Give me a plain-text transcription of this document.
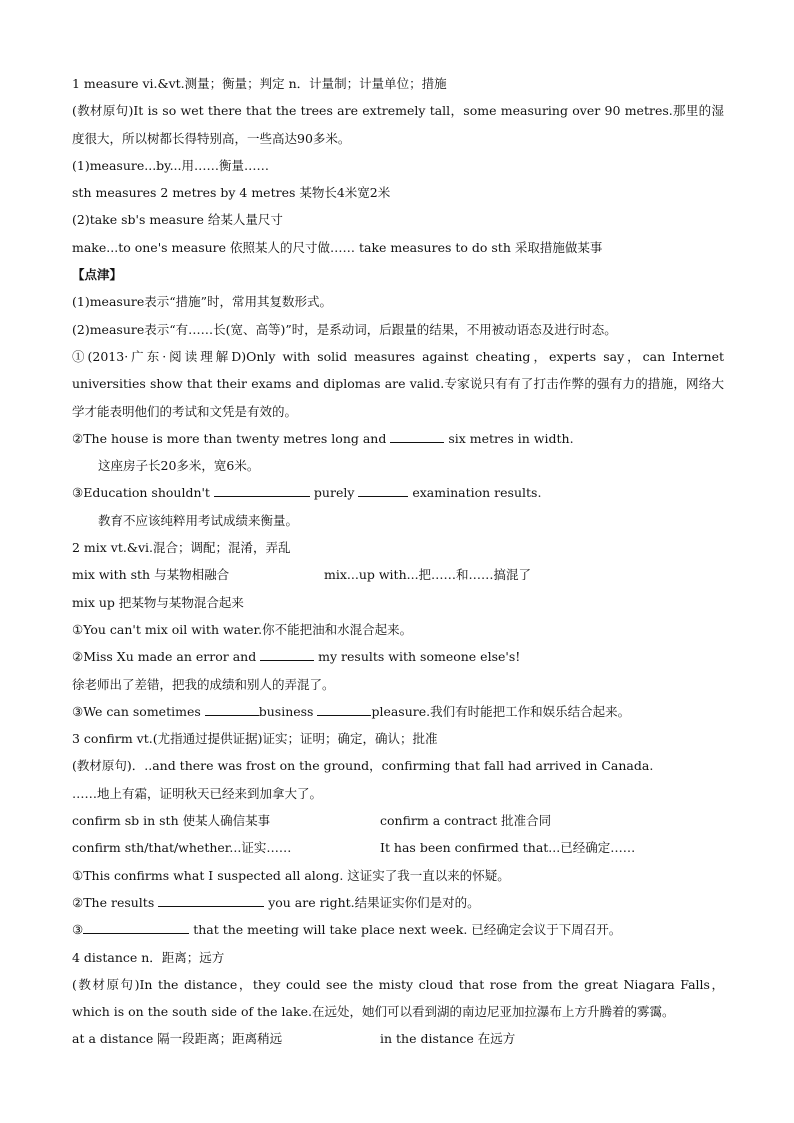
1 measure vi.&vt.测量；衡量；判定 n．计量制；计量单位；措施
(教材原句)It is so wet there that the trees are extremely tall，some measuring over 90 metres.那里的湿度很大，所以树都长得特别高，一些高达90多米。
(1)measure...by...用……衡量……
sth measures 2 metres by 4 metres 某物长4米宽2米
(2)take sb's measure 给某人量尺寸
make...to one's measure 依照某人的尺寸做…… take measures to do sth 采取措施做某事
【点津】
(1)measure表示“措施”时，常用其复数形式。
(2)measure表示“有……长(宽、高等)”时，是系动词，后跟量的结果，不用被动语态及进行时态。
①(2013·广东·阅读理解D)Only with solid measures against cheating，experts say，can Internet universities show that their exams and diplomas are valid.专家说只有有了打击作弊的强有力的措施，网络大学才能表明他们的考试和文凭是有效的。
②The house is more than twenty metres long and	six metres in width.
这座房子长20多米，宽6米。
③Education shouldn't	purely	examination results.
教育不应该纯粹用考试成绩来衡量。
2 mix vt.&vi.混合；调配；混淆，弄乱
mix with sth 与某物相融合	mix...up with...把……和……搞混了
mix up 把某物与某物混合起来
①You can't mix oil with water.你不能把油和水混合起来。
②Miss Xu made an error and	my results with someone else's!
徐老师出了差错，把我的成绩和别人的弄混了。
③We can sometimes	business	pleasure.我们有时能把工作和娱乐结合起来。
3 confirm vt.(尤指通过提供证据)证实；证明；确定，确认；批准
(教材原句)．..and there was frost on the ground，confirming that fall had arrived in Canada.
……地上有霜，证明秋天已经来到加拿大了。
confirm sb in sth 使某人确信某事	confirm a contract 批准合同
confirm sth/that/whether...证实……	It has been confirmed that...已经确定……
①This confirms what I suspected all along. 这证实了我一直以来的怀疑。
②The results	you are right.结果证实你们是对的。
③	that the meeting will take place next week. 已经确定会议于下周召开。
4 distance n．距离；远方
(教材原句)In the distance，they could see the misty cloud that rose from the great Niagara Falls，which is on the south side of the lake.在远处，她们可以看到湖的南边尼亚加拉瀑布上方升腾着的雾霭。
at a distance 隔一段距离；距离稍远	in the distance 在远方
